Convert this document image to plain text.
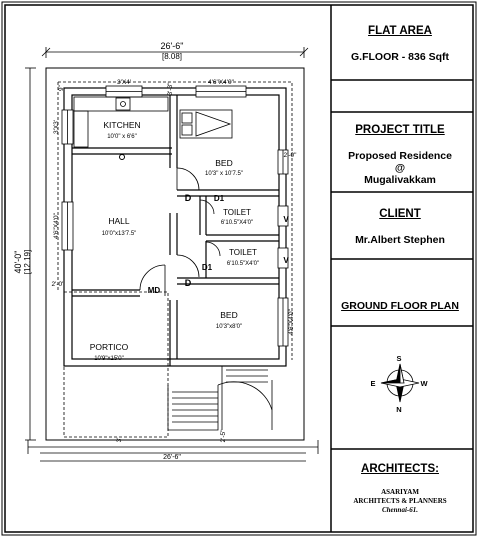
26'-6"
[8.08]
40'-0" [12.19]
26'-6"
3'X4'	4'6"X4'0"
3'X3'
4'6"X4'0"
2'-0"
4'6"X4'0"
2'-0"
3'	2'-5"
9"	3'-3"
KITCHEN
10'0" x 6'6"
BED
10'3" x 10'7.5"
HALL
10'0"x13'7.5"
TOILET
6'10.5"X4'0"
TOILET
6'10.5"X4'0"
BED
10'3"x8'0"
PORTICO
10'9"x15'0"
D	D1
D1
D
MD
V
V
S
N
E	W
FLAT AREA
G.FLOOR - 836 Sqft
PROJECT TITLE
Proposed Residence
@
Mugalivakkam
CLIENT
Mr.Albert Stephen
GROUND FLOOR PLAN
ARCHITECTS:
ASARIYAM
ARCHITECTS & PLANNERS
Chennai-61.
